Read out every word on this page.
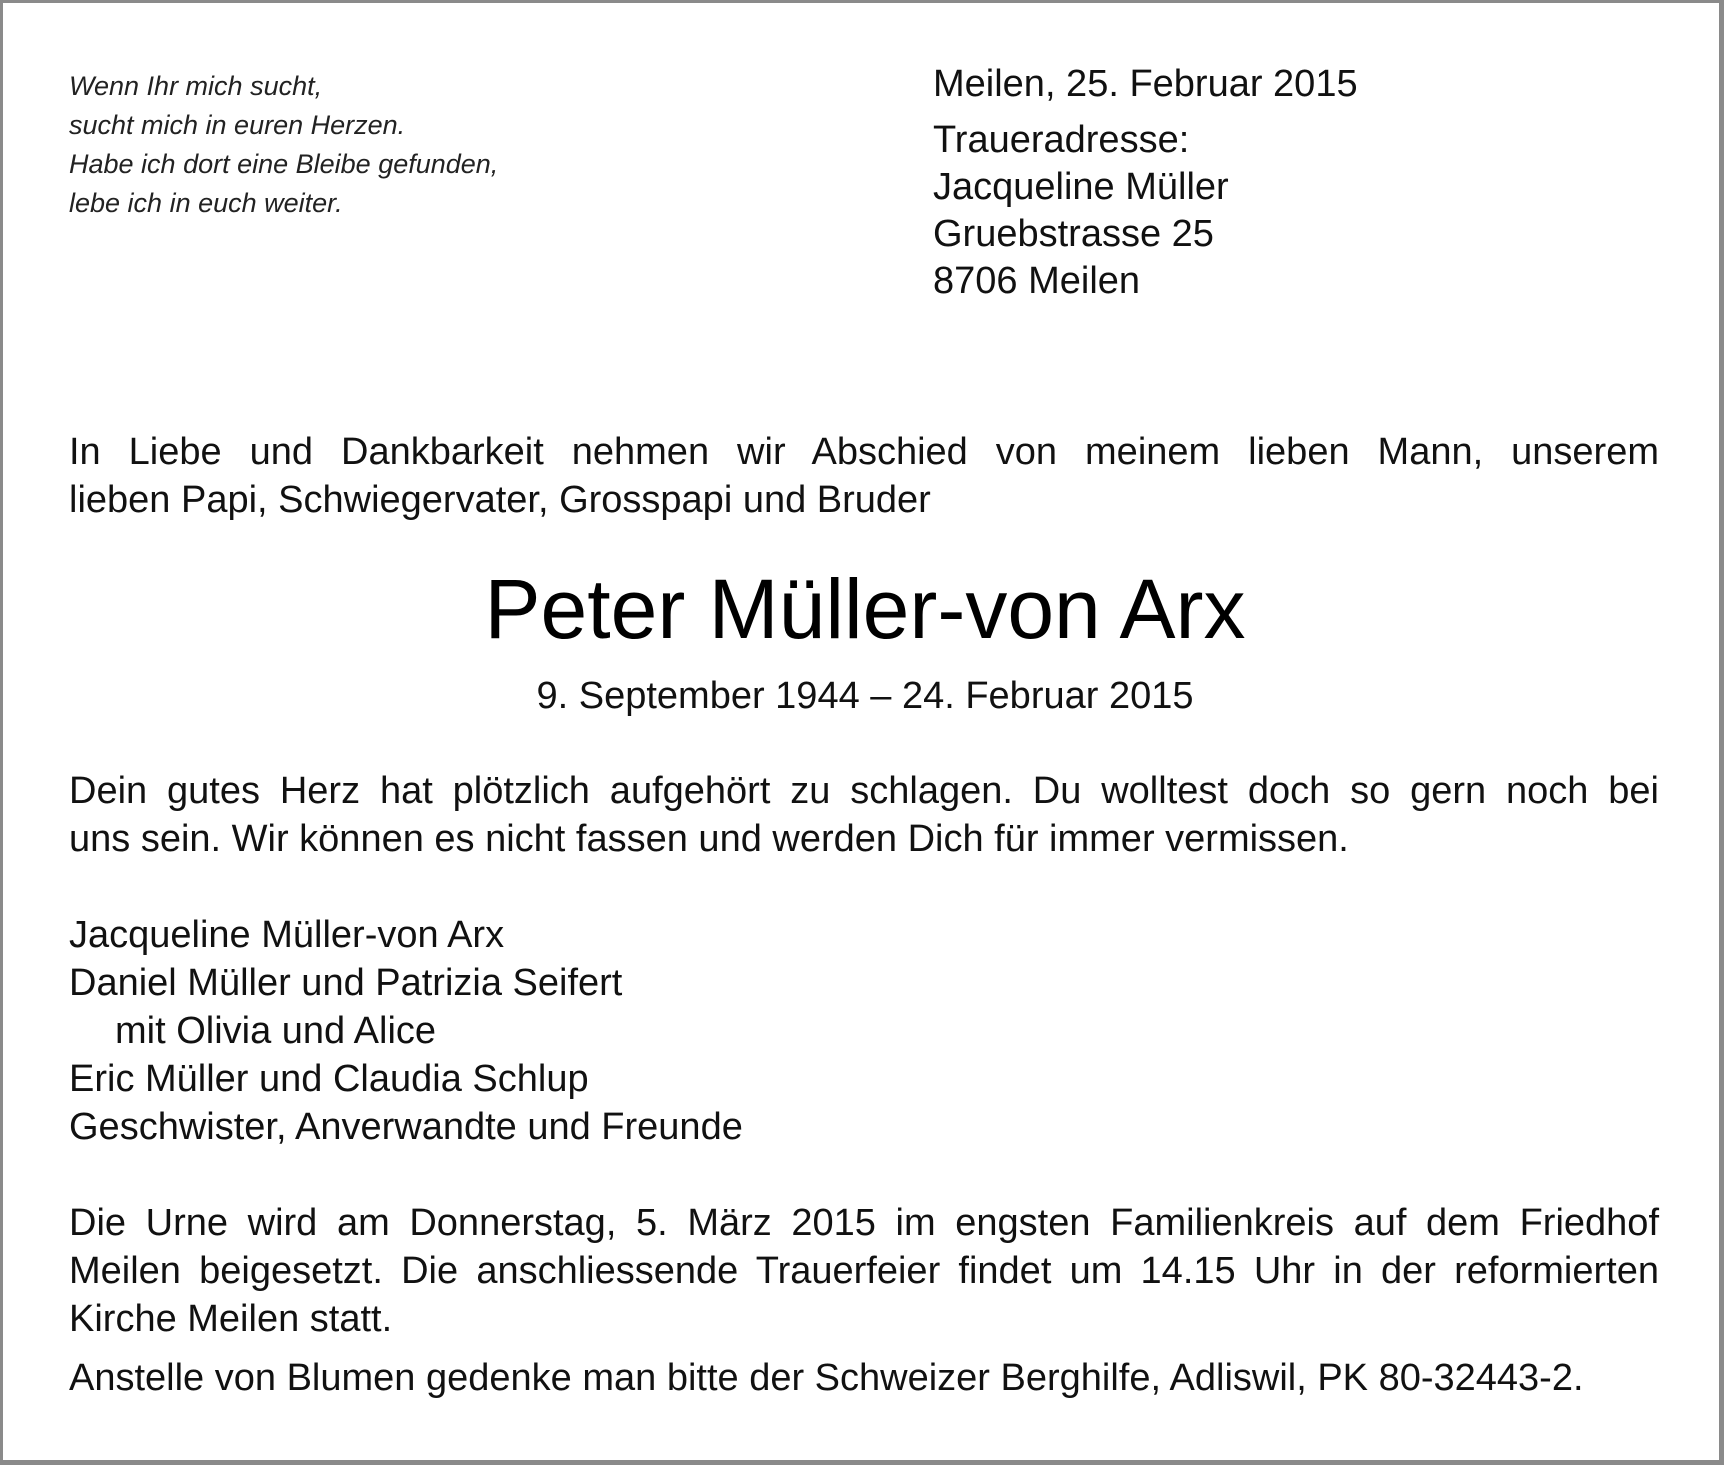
Wenn Ihr mich sucht,
sucht mich in euren Herzen.
Habe ich dort eine Bleibe gefunden,
lebe ich in euch weiter.
Meilen, 25. Februar 2015
Traueradresse:
Jacqueline Müller
Gruebstrasse 25
8706 Meilen
In Liebe und Dankbarkeit nehmen wir Abschied von meinem lieben Mann, unserem
lieben Papi, Schwiegervater, Grosspapi und Bruder
Peter Müller-von Arx
9. September 1944 – 24. Februar 2015
Dein gutes Herz hat plötzlich aufgehört zu schlagen. Du wolltest doch so gern noch bei
uns sein. Wir können es nicht fassen und werden Dich für immer vermissen.
Jacqueline Müller-von Arx
Daniel Müller und Patrizia Seifert
mit Olivia und Alice
Eric Müller und Claudia Schlup
Geschwister, Anverwandte und Freunde
Die Urne wird am Donnerstag, 5. März 2015 im engsten Familienkreis auf dem Friedhof
Meilen beigesetzt. Die anschliessende Trauerfeier findet um 14.15 Uhr in der reformierten
Kirche Meilen statt.
Anstelle von Blumen gedenke man bitte der Schweizer Berghilfe, Adliswil, PK 80-32443-2.
